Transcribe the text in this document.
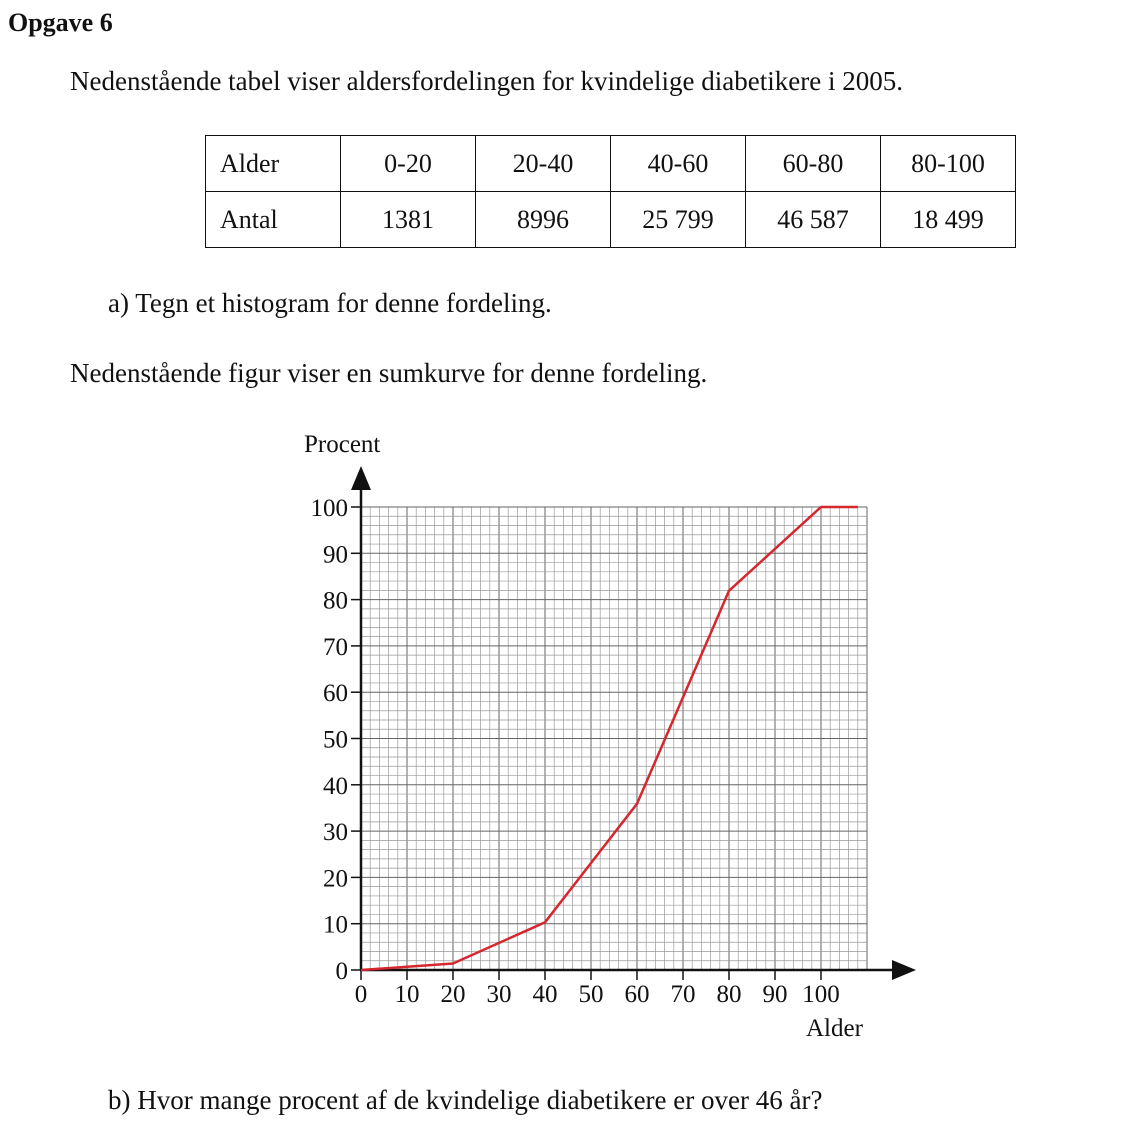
Opgave 6
Nedenstående tabel viser aldersfordelingen for kvindelige diabetikere i 2005.
Alder	0-20	20-40	40-60	60-80	80-100
Antal	1381	8996	25 799	46 587	18 499
a) Tegn et histogram for denne fordeling.
Nedenstående figur viser en sumkurve for denne fordeling.
0
10
20
30
40
50
60
70
80
90
100
0 10 20 30 40 50 60 70 80 90 100
Procent
Alder
b) Hvor mange procent af de kvindelige diabetikere er over 46 år?
